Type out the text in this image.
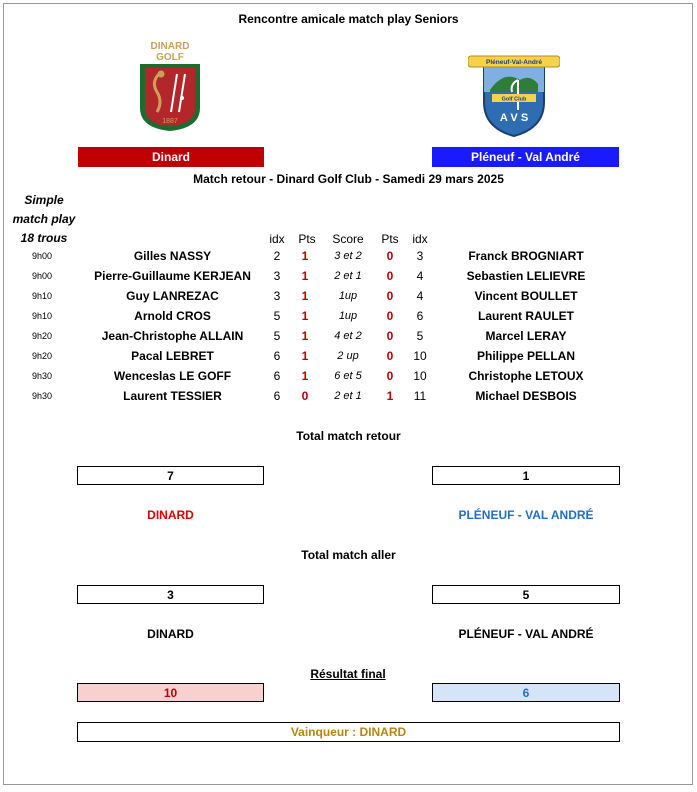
Rencontre amicale match play Seniors
DINARD
GOLF
1887
Pléneuf-Val-André
Golf Club
A V S
Dinard	Pléneuf - Val André
Match retour - Dinard Golf Club - Samedi 29 mars 2025
Simple
match play
18 trous	idx Pts	Score	Pts idx
9h00	Gilles NASSY	2	1	3 et 2	0	3	Franck BROGNIART
9h00	Pierre-Guillaume KERJEAN	3	1	2 et 1	0	4	Sebastien LELIEVRE
9h10	Guy LANREZAC	3	1	1up	0	4	Vincent BOULLET
9h10	Arnold CROS	5	1	1up	0	6	Laurent RAULET
9h20	Jean-Christophe ALLAIN	5	1	4 et 2	0	5	Marcel LERAY
9h20	Pacal LEBRET	6	1	2 up	0	10	Philippe PELLAN
9h30	Wenceslas LE GOFF	6	1	6 et 5	0	10	Christophe LETOUX
9h30	Laurent TESSIER	6	0	2 et 1	1	11	Michael DESBOIS
Total match retour
7	1
DINARD	PLÉNEUF - VAL ANDRÉ
Total match aller
3	5
DINARD	PLÉNEUF - VAL ANDRÉ
Résultat final
10	6
Vainqueur : DINARD
